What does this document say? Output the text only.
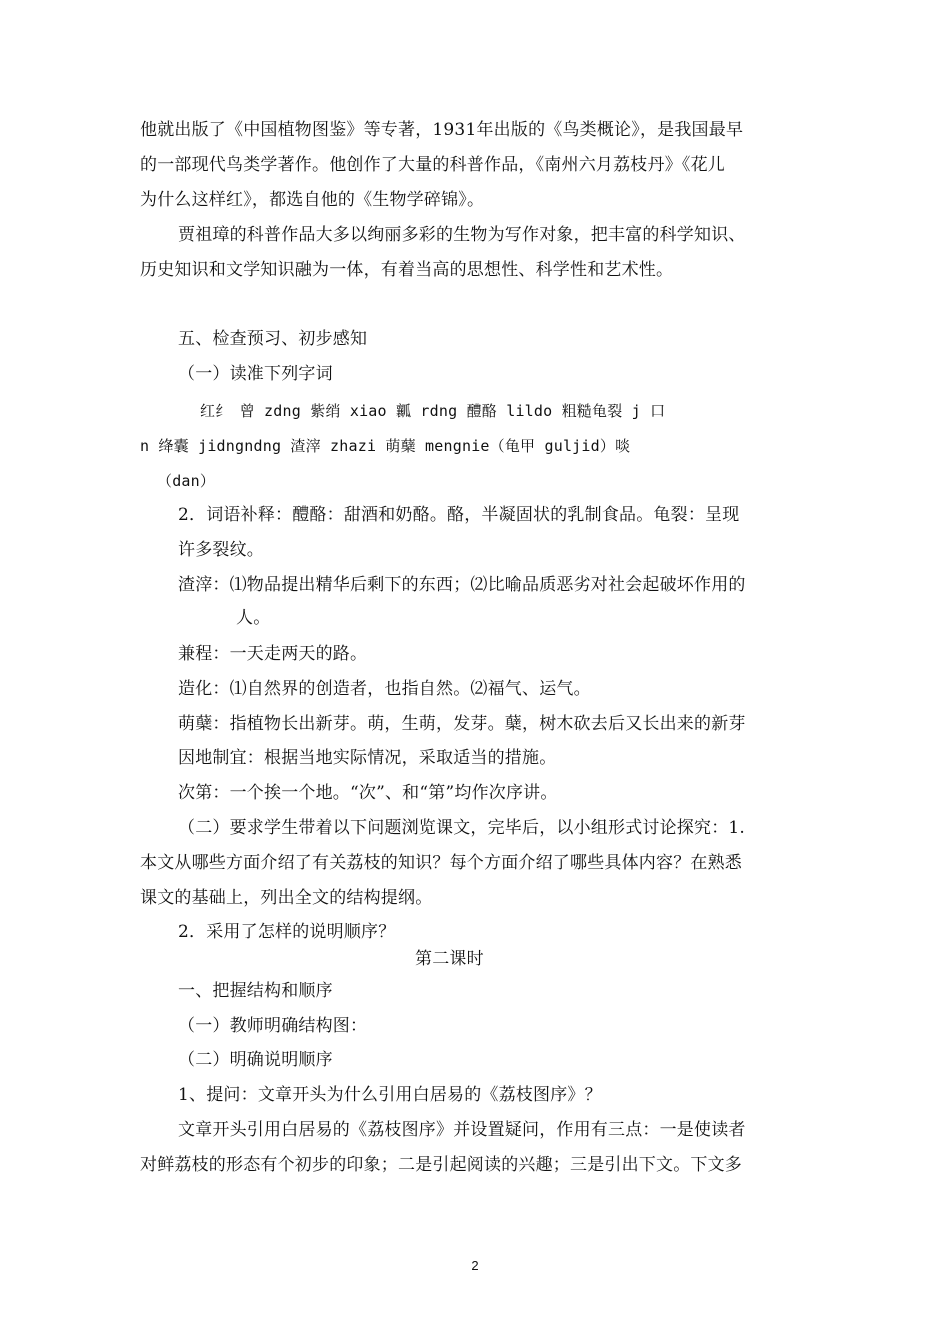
他就出版了《中国植物图鉴》等专著，1931年出版的《鸟类概论》，是我国最早
的一部现代鸟类学著作。他创作了大量的科普作品，《南州六月荔枝丹》《花儿
为什么这样红》，都选自他的《生物学碎锦》。
贾祖璋的科普作品大多以绚丽多彩的生物为写作对象，把丰富的科学知识、
历史知识和文学知识融为一体，有着当高的思想性、科学性和艺术性。
五、检查预习、初步感知
（一）读准下列字词
红纟 曾 zdng 紫绡 xiao 瓤 rdng 醴酪 lildo 粗糙龟裂 j 口
n 绛囊 jidngndng 渣滓 zhazi 萌蘖 mengnie（龟甲 guljid）啖
（dan）
2．词语补释：醴酪：甜酒和奶酪。酪，半凝固状的乳制食品。龟裂：呈现
许多裂纹。
渣滓：⑴物品提出精华后剩下的东西；⑵比喻品质恶劣对社会起破坏作用的
人。
兼程：一天走两天的路。
造化：⑴自然界的创造者，也指自然。⑵福气、运气。
萌蘖：指植物长出新芽。萌，生萌，发芽。蘖，树木砍去后又长出来的新芽
因地制宜：根据当地实际情况，采取适当的措施。
次第：一个挨一个地。“次”、和“第”均作次序讲。
（二）要求学生带着以下问题浏览课文，完毕后，以小组形式讨论探究：1.
本文从哪些方面介绍了有关荔枝的知识？每个方面介绍了哪些具体内容？在熟悉
课文的基础上，列出全文的结构提纲。
2．采用了怎样的说明顺序？
第二课时
一、把握结构和顺序
（一）教师明确结构图：
（二）明确说明顺序
1、提问：文章开头为什么引用白居易的《荔枝图序》？
文章开头引用白居易的《荔枝图序》并设置疑问，作用有三点：一是使读者
对鲜荔枝的形态有个初步的印象；二是引起阅读的兴趣；三是引出下文。下文多
2
